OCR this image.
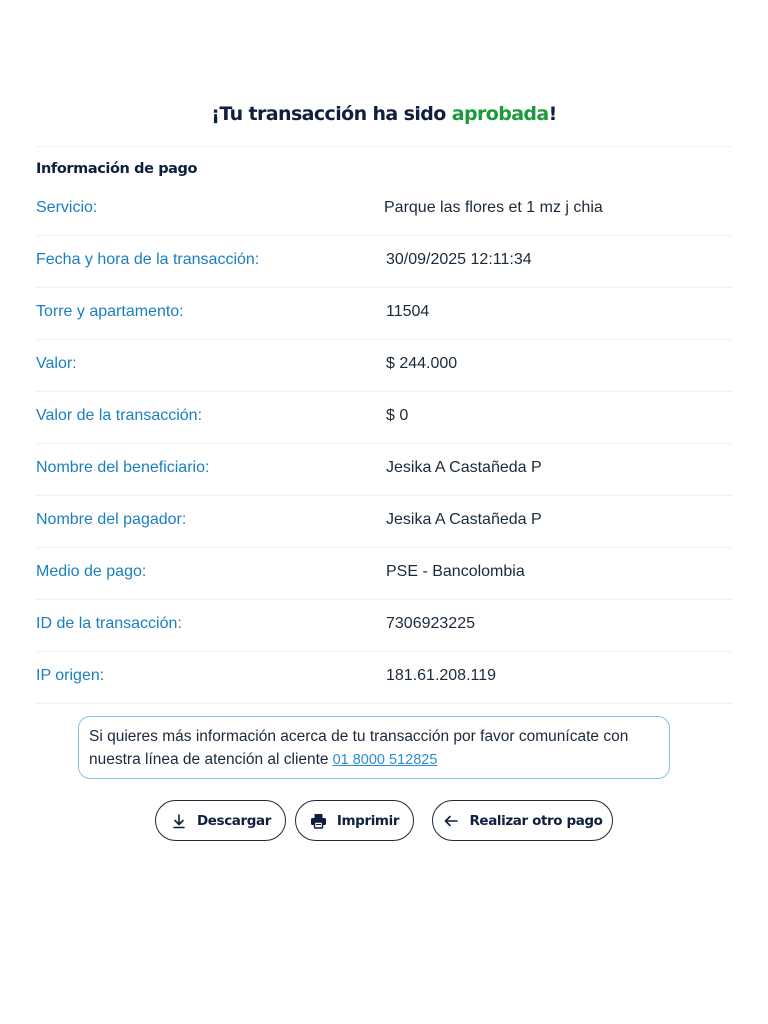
¡Tu transacción ha sido aprobada!
Información de pago
Servicio:	Parque las flores et 1 mz j chia
Fecha y hora de la transacción:	30/09/2025 12:11:34
Torre y apartamento:	11504
Valor:	$ 244.000
Valor de la transacción:	$ 0
Nombre del beneficiario:	Jesika A Castañeda P
Nombre del pagador:	Jesika A Castañeda P
Medio de pago:	PSE - Bancolombia
ID de la transacción:	7306923225
IP origen:	181.61.208.119
Si quieres más información acerca de tu transacción por favor comunícate con nuestra línea de atención al cliente 01 8000 512825
Descargar	Imprimir	Realizar otro pago
